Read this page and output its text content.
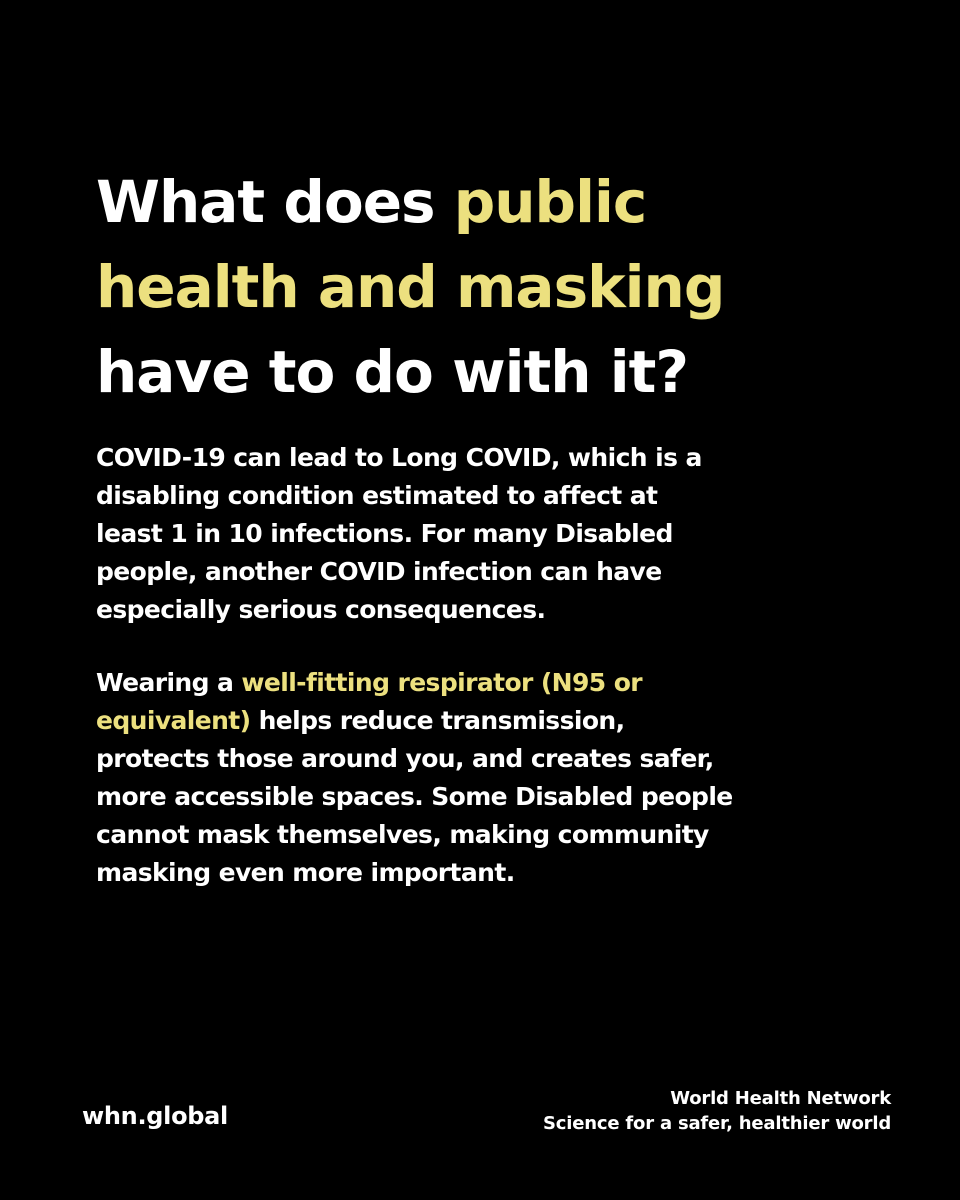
What does public
health and masking
have to do with it?

COVID-19 can lead to Long COVID, which is a
disabling condition estimated to affect at
least 1 in 10 infections. For many Disabled
people, another COVID infection can have
especially serious consequences.

Wearing a well-fitting respirator (N95 or
equivalent) helps reduce transmission,
protects those around you, and creates safer,
more accessible spaces. Some Disabled people
cannot mask themselves, making community
masking even more important.

whn.global
World Health Network
Science for a safer, healthier world
